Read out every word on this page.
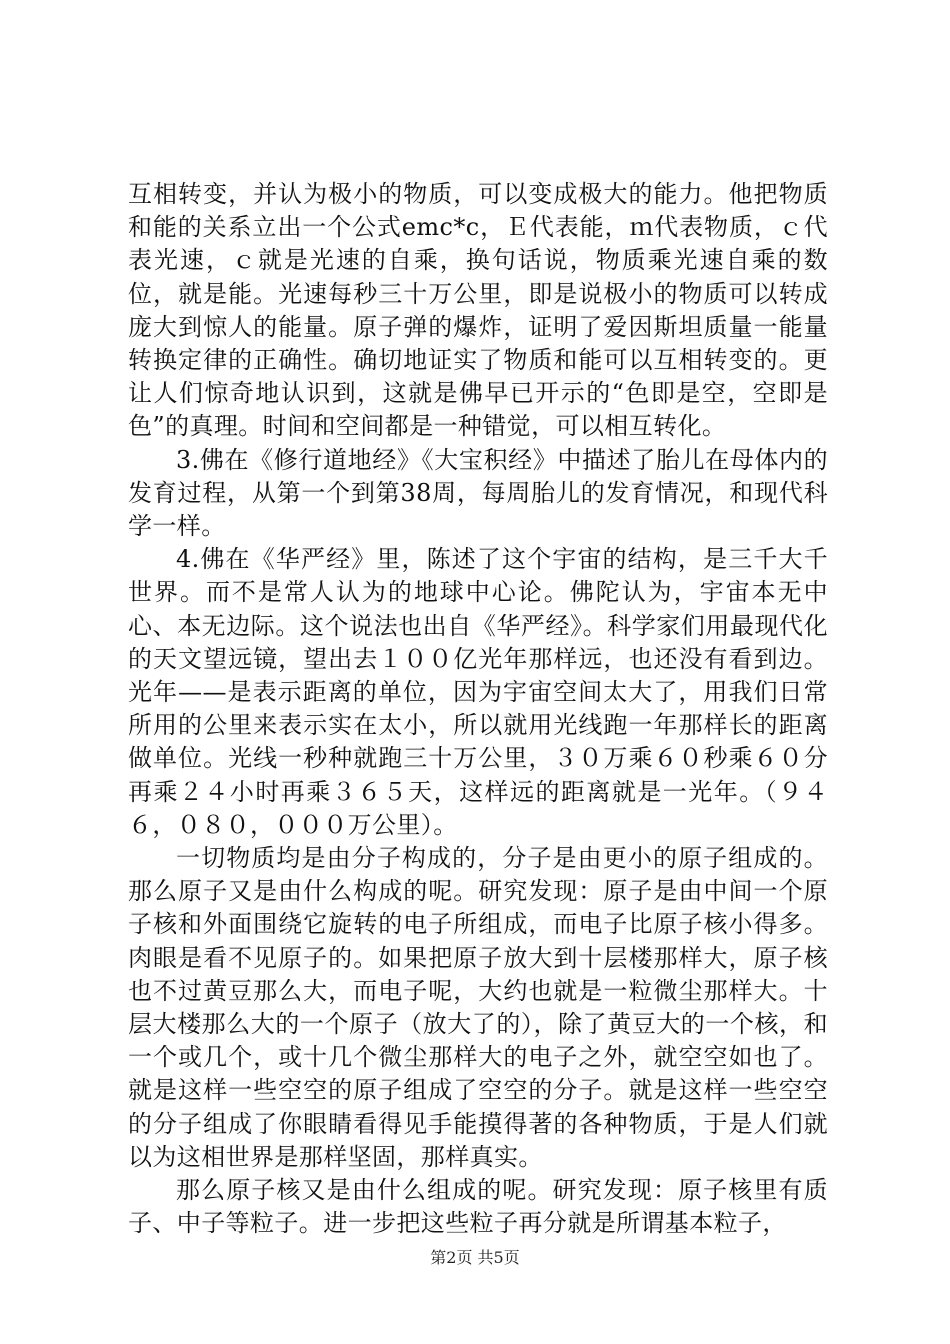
互相转变，并认为极小的物质，可以变成极大的能力。他把物质和能的关系立出一个公式emc*c，Ｅ代表能，ｍ代表物质，ｃ代表光速，ｃ就是光速的自乘，换句话说，物质乘光速自乘的数位，就是能。光速每秒三十万公里，即是说极小的物质可以转成庞大到惊人的能量。原子弹的爆炸，证明了爱因斯坦质量一能量转换定律的正确性。确切地证实了物质和能可以互相转变的。更让人们惊奇地认识到，这就是佛早已开示的“色即是空，空即是色”的真理。时间和空间都是一种错觉，可以相互转化。

3.佛在《修行道地经》《大宝积经》中描述了胎儿在母体内的发育过程，从第一个到第38周，每周胎儿的发育情况，和现代科学一样。

4.佛在《华严经》里，陈述了这个宇宙的结构，是三千大千世界。而不是常人认为的地球中心论。佛陀认为，宇宙本无中心、本无边际。这个说法也出自《华严经》。科学家们用最现代化的天文望远镜，望出去１００亿光年那样远，也还没有看到边。光年——是表示距离的单位，因为宇宙空间太大了，用我们日常所用的公里来表示实在太小，所以就用光线跑一年那样长的距离做单位。光线一秒种就跑三十万公里，３０万乘６０秒乘６０分再乘２４小时再乘３６５天，这样远的距离就是一光年。（９４６，０８０，０００万公里）。

一切物质均是由分子构成的，分子是由更小的原子组成的。那么原子又是由什么构成的呢。研究发现：原子是由中间一个原子核和外面围绕它旋转的电子所组成，而电子比原子核小得多。肉眼是看不见原子的。如果把原子放大到十层楼那样大，原子核也不过黄豆那么大，而电子呢，大约也就是一粒微尘那样大。十层大楼那么大的一个原子（放大了的），除了黄豆大的一个核，和一个或几个，或十几个微尘那样大的电子之外，就空空如也了。就是这样一些空空的原子组成了空空的分子。就是这样一些空空的分子组成了你眼睛看得见手能摸得著的各种物质，于是人们就以为这相世界是那样坚固，那样真实。

那么原子核又是由什么组成的呢。研究发现：原子核里有质子、中子等粒子。进一步把这些粒子再分就是所谓基本粒子，

第2页 共5页
